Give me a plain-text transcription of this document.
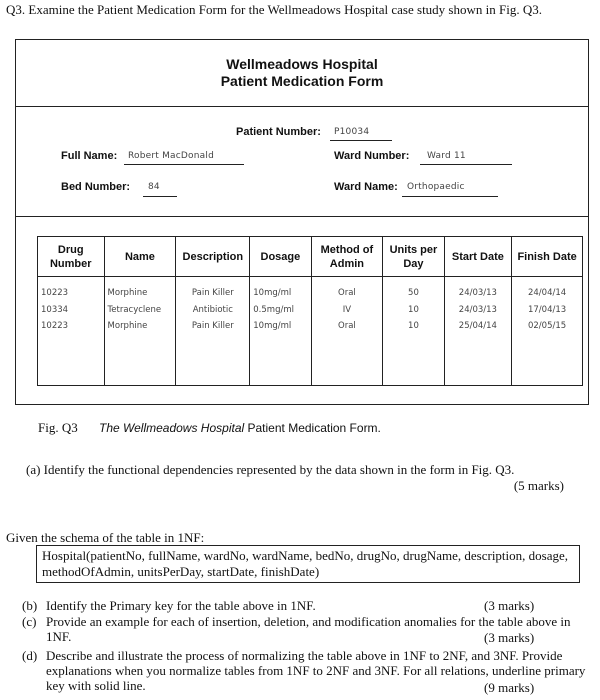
Q3. Examine the Patient Medication Form for the Wellmeadows Hospital case study shown in Fig. Q3.
Wellmeadows Hospital
Patient Medication Form
Patient Number: P10034
Full Name: Robert MacDonald	Ward Number: Ward 11
Bed Number: 84	Ward Name: Orthopaedic
Drug Number	Name	Description	Dosage	Method of Admin	Units per Day	Start Date	Finish Date
10223	Morphine	Pain Killer	10mg/ml	Oral	50	24/03/13	24/04/14
10334	Tetracyclene	Antibiotic	0.5mg/ml	IV	10	24/03/13	17/04/13
10223	Morphine	Pain Killer	10mg/ml	Oral	10	25/04/14	02/05/15
Fig. Q3 The Wellmeadows Hospital Patient Medication Form.
(a) Identify the functional dependencies represented by the data shown in the form in Fig. Q3.
(5 marks)
Given the schema of the table in 1NF:
Hospital(patientNo, fullName, wardNo, wardName, bedNo, drugNo, drugName, description, dosage, methodOfAdmin, unitsPerDay, startDate, finishDate)
(b) Identify the Primary key for the table above in 1NF.	(3 marks)
(c) Provide an example for each of insertion, deletion, and modification anomalies for the table above in 1NF.	(3 marks)
(d) Describe and illustrate the process of normalizing the table above in 1NF to 2NF, and 3NF. Provide explanations when you normalize tables from 1NF to 2NF and 3NF. For all relations, underline primary key with solid line.	(9 marks)
